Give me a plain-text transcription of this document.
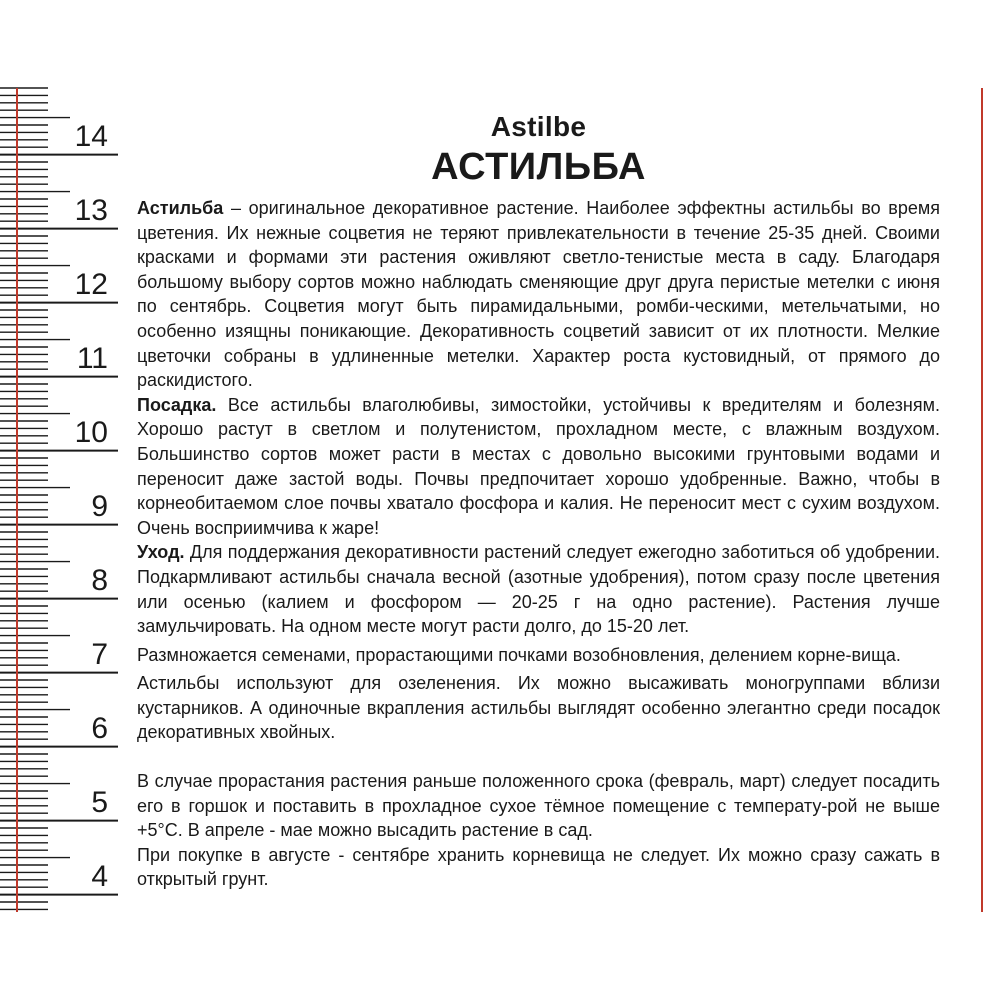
14
13
12
11
10
9
8
7
6
5
4
Astilbe
АСТИЛЬБА

Астильба – оригинальное декоративное растение. Наиболее эффектны астильбы во время цветения. Их нежные соцветия не теряют привлекательности в течение 25-35 дней. Своими красками и формами эти растения оживляют светло-тенистые места в саду. Благодаря большому выбору сортов можно наблюдать сменяющие друг друга перистые метелки с июня по сентябрь. Соцветия могут быть пирамидальными, ромби-ческими, метельчатыми, но особенно изящны поникающие. Декоративность соцветий зависит от их плотности. Мелкие цветочки собраны в удлиненные метелки. Характер роста кустовидный, от прямого до раскидистого.

Посадка. Все астильбы влаголюбивы, зимостойки, устойчивы к вредителям и болезням. Хорошо растут в светлом и полутенистом, прохладном месте, с влажным воздухом. Большинство сортов может расти в местах с довольно высокими грунтовыми водами и переносит даже застой воды. Почвы предпочитает хорошо удобренные. Важно, чтобы в корнеобитаемом слое почвы хватало фосфора и калия. Не переносит мест с сухим воздухом. Очень восприимчива к жаре!

Уход. Для поддержания декоративности растений следует ежегодно заботиться об удобрении. Подкармливают астильбы сначала весной (азотные удобрения), потом сразу после цветения или осенью (калием и фосфором — 20-25 г на одно растение). Растения лучше замульчировать. На одном месте могут расти долго, до 15-20 лет.

Размножается семенами, прорастающими почками возобновления, делением корне-вища.

Астильбы используют для озеленения. Их можно высаживать моногруппами вблизи кустарников. А одиночные вкрапления астильбы выглядят особенно элегантно среди посадок декоративных хвойных.

В случае прорастания растения раньше положенного срока (февраль, март) следует посадить его в горшок и поставить в прохладное сухое тёмное помещение с температу-рой не выше +5°С. В апреле - мае можно высадить растение в сад.

При покупке в августе - сентябре хранить корневища не следует. Их можно сразу сажать в открытый грунт.
